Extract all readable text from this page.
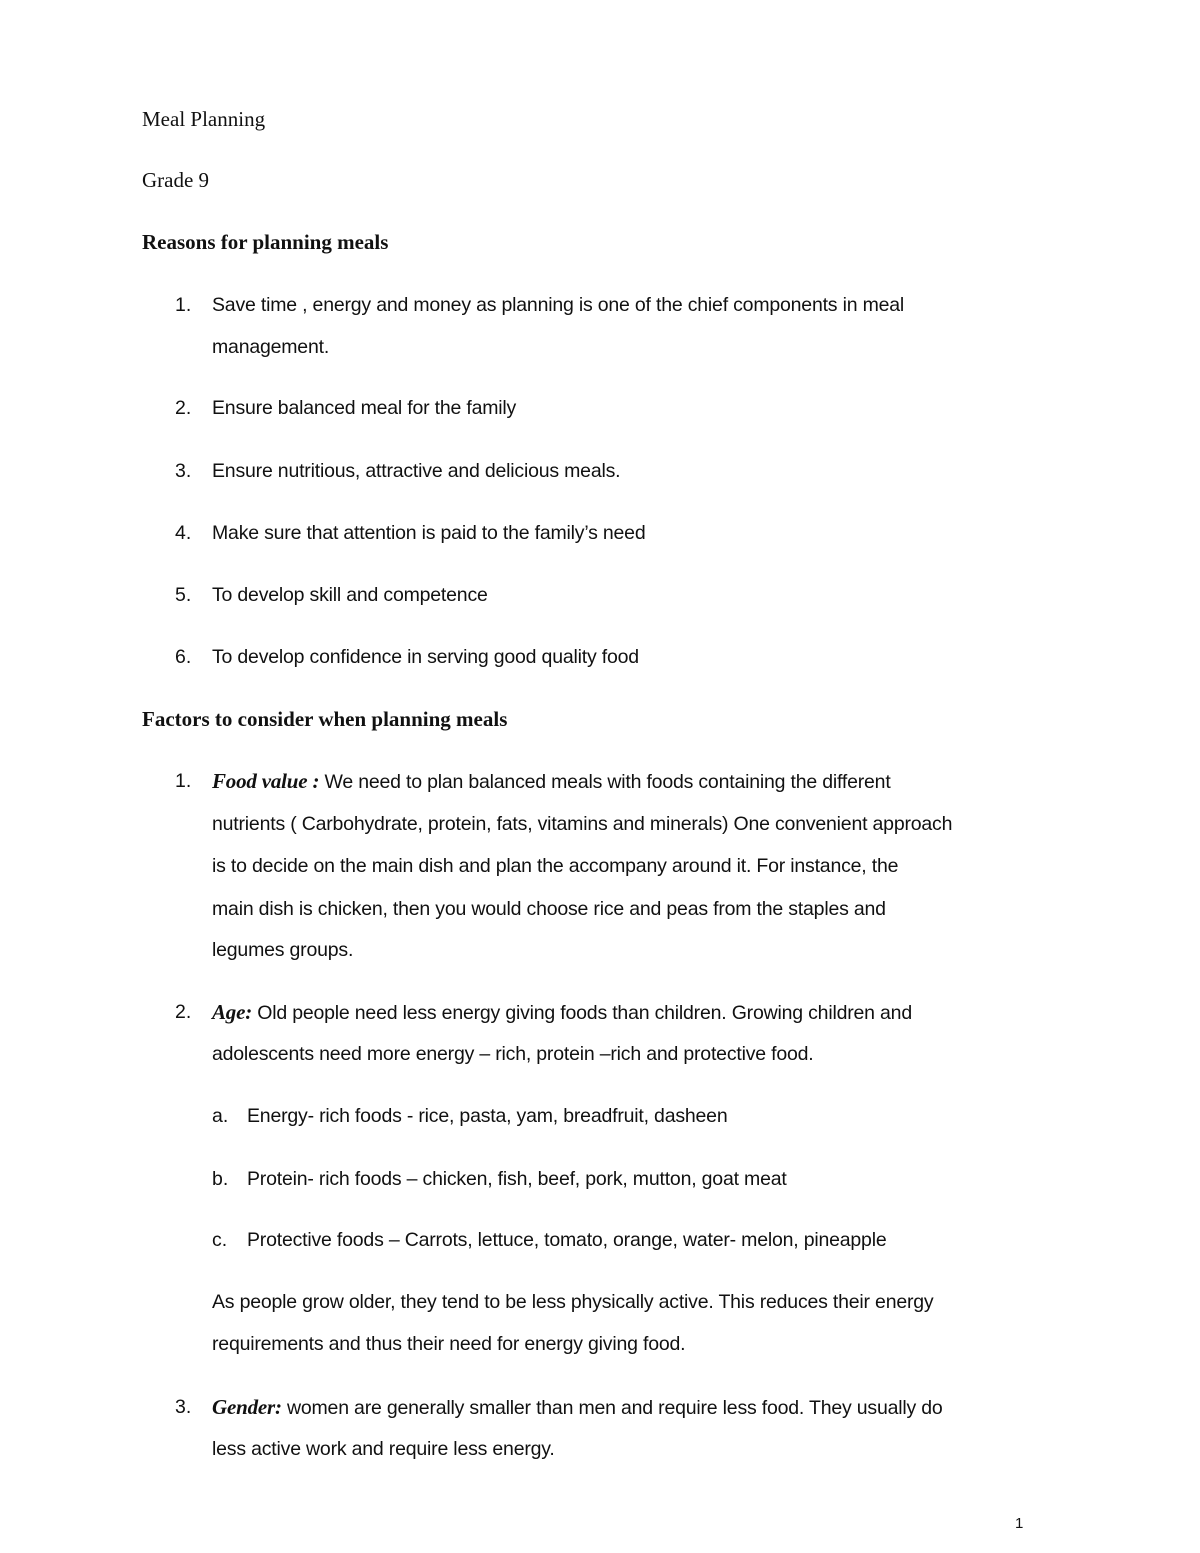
Meal Planning
Grade 9
Reasons for planning meals
1. Save time , energy and money as planning is one of the chief components in meal
management.
2. Ensure balanced meal for the family
3. Ensure nutritious, attractive and delicious meals.
4. Make sure that attention is paid to the family’s need
5. To develop skill and competence
6. To develop confidence in serving good quality food
Factors to consider when planning meals
1. Food value : We need to plan balanced meals with foods containing the different
nutrients ( Carbohydrate, protein, fats, vitamins and minerals) One convenient approach
is to decide on the main dish and plan the accompany around it. For instance, the
main dish is chicken, then you would choose rice and peas from the staples and
legumes groups.
2. Age: Old people need less energy giving foods than children. Growing children and
adolescents need more energy – rich, protein –rich and protective food.
a. Energy- rich foods - rice, pasta, yam, breadfruit, dasheen
b. Protein- rich foods – chicken, fish, beef, pork, mutton, goat meat
c. Protective foods – Carrots, lettuce, tomato, orange, water- melon, pineapple
As people grow older, they tend to be less physically active. This reduces their energy
requirements and thus their need for energy giving food.
3. Gender: women are generally smaller than men and require less food. They usually do
less active work and require less energy.
1
